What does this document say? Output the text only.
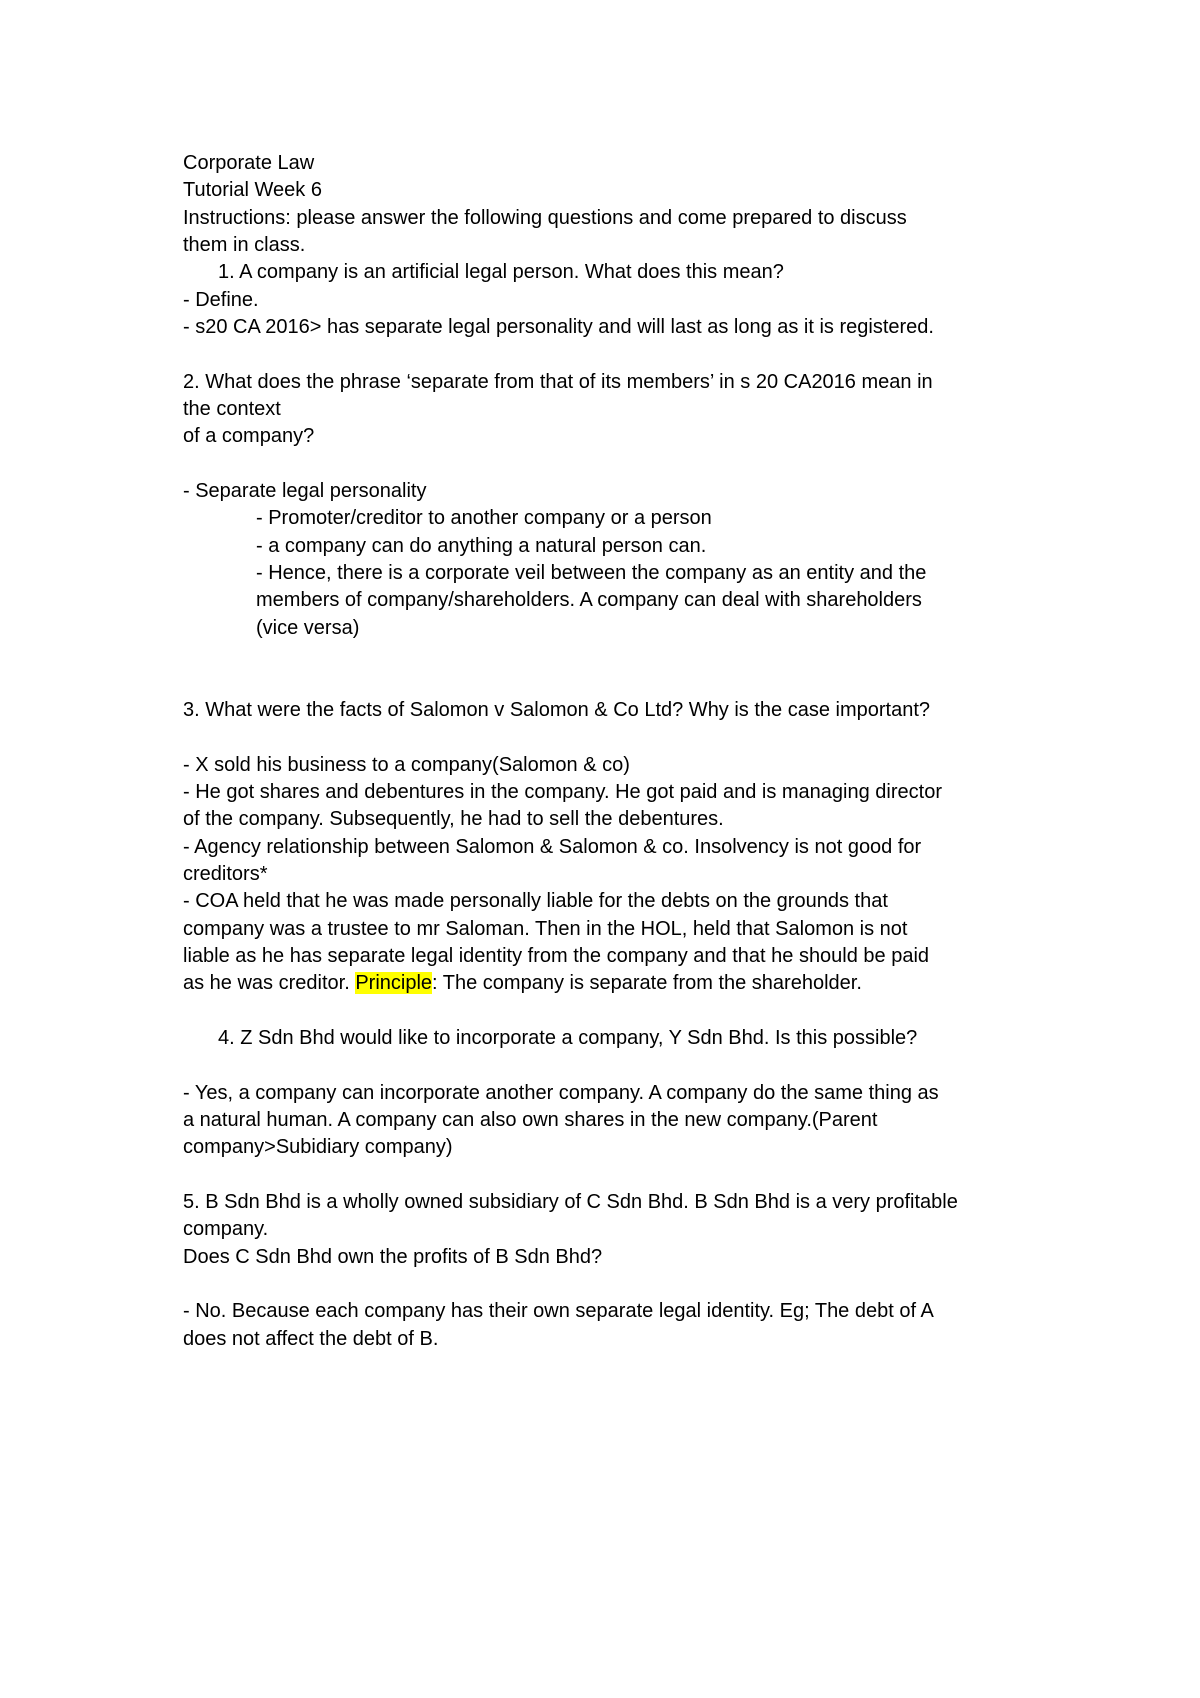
Corporate Law

Tutorial Week 6

Instructions: please answer the following questions and come prepared to discuss

them in class.

1. A company is an artificial legal person. What does this mean?

- Define.

- s20 CA 2016> has separate legal personality and will last as long as it is registered.

2. What does the phrase ‘separate from that of its members’ in s 20 CA2016 mean in

the context

of a company?

- Separate legal personality

- Promoter/creditor to another company or a person

- a company can do anything a natural person can.

- Hence, there is a corporate veil between the company as an entity and the

members of company/shareholders. A company can deal with shareholders

(vice versa)

3. What were the facts of Salomon v Salomon & Co Ltd? Why is the case important?

- X sold his business to a company(Salomon & co)

- He got shares and debentures in the company. He got paid and is managing director

of the company. Subsequently, he had to sell the debentures.

- Agency relationship between Salomon & Salomon & co. Insolvency is not good for

creditors*

- COA held that he was made personally liable for the debts on the grounds that

company was a trustee to mr Saloman. Then in the HOL, held that Salomon is not

liable as he has separate legal identity from the company and that he should be paid

as he was creditor. Principle: The company is separate from the shareholder.

4. Z Sdn Bhd would like to incorporate a company, Y Sdn Bhd. Is this possible?

- Yes, a company can incorporate another company. A company do the same thing as

a natural human. A company can also own shares in the new company.(Parent

company>Subidiary company)

5. B Sdn Bhd is a wholly owned subsidiary of C Sdn Bhd. B Sdn Bhd is a very profitable

company.

Does C Sdn Bhd own the profits of B Sdn Bhd?

- No. Because each company has their own separate legal identity. Eg; The debt of A

does not affect the debt of B.
